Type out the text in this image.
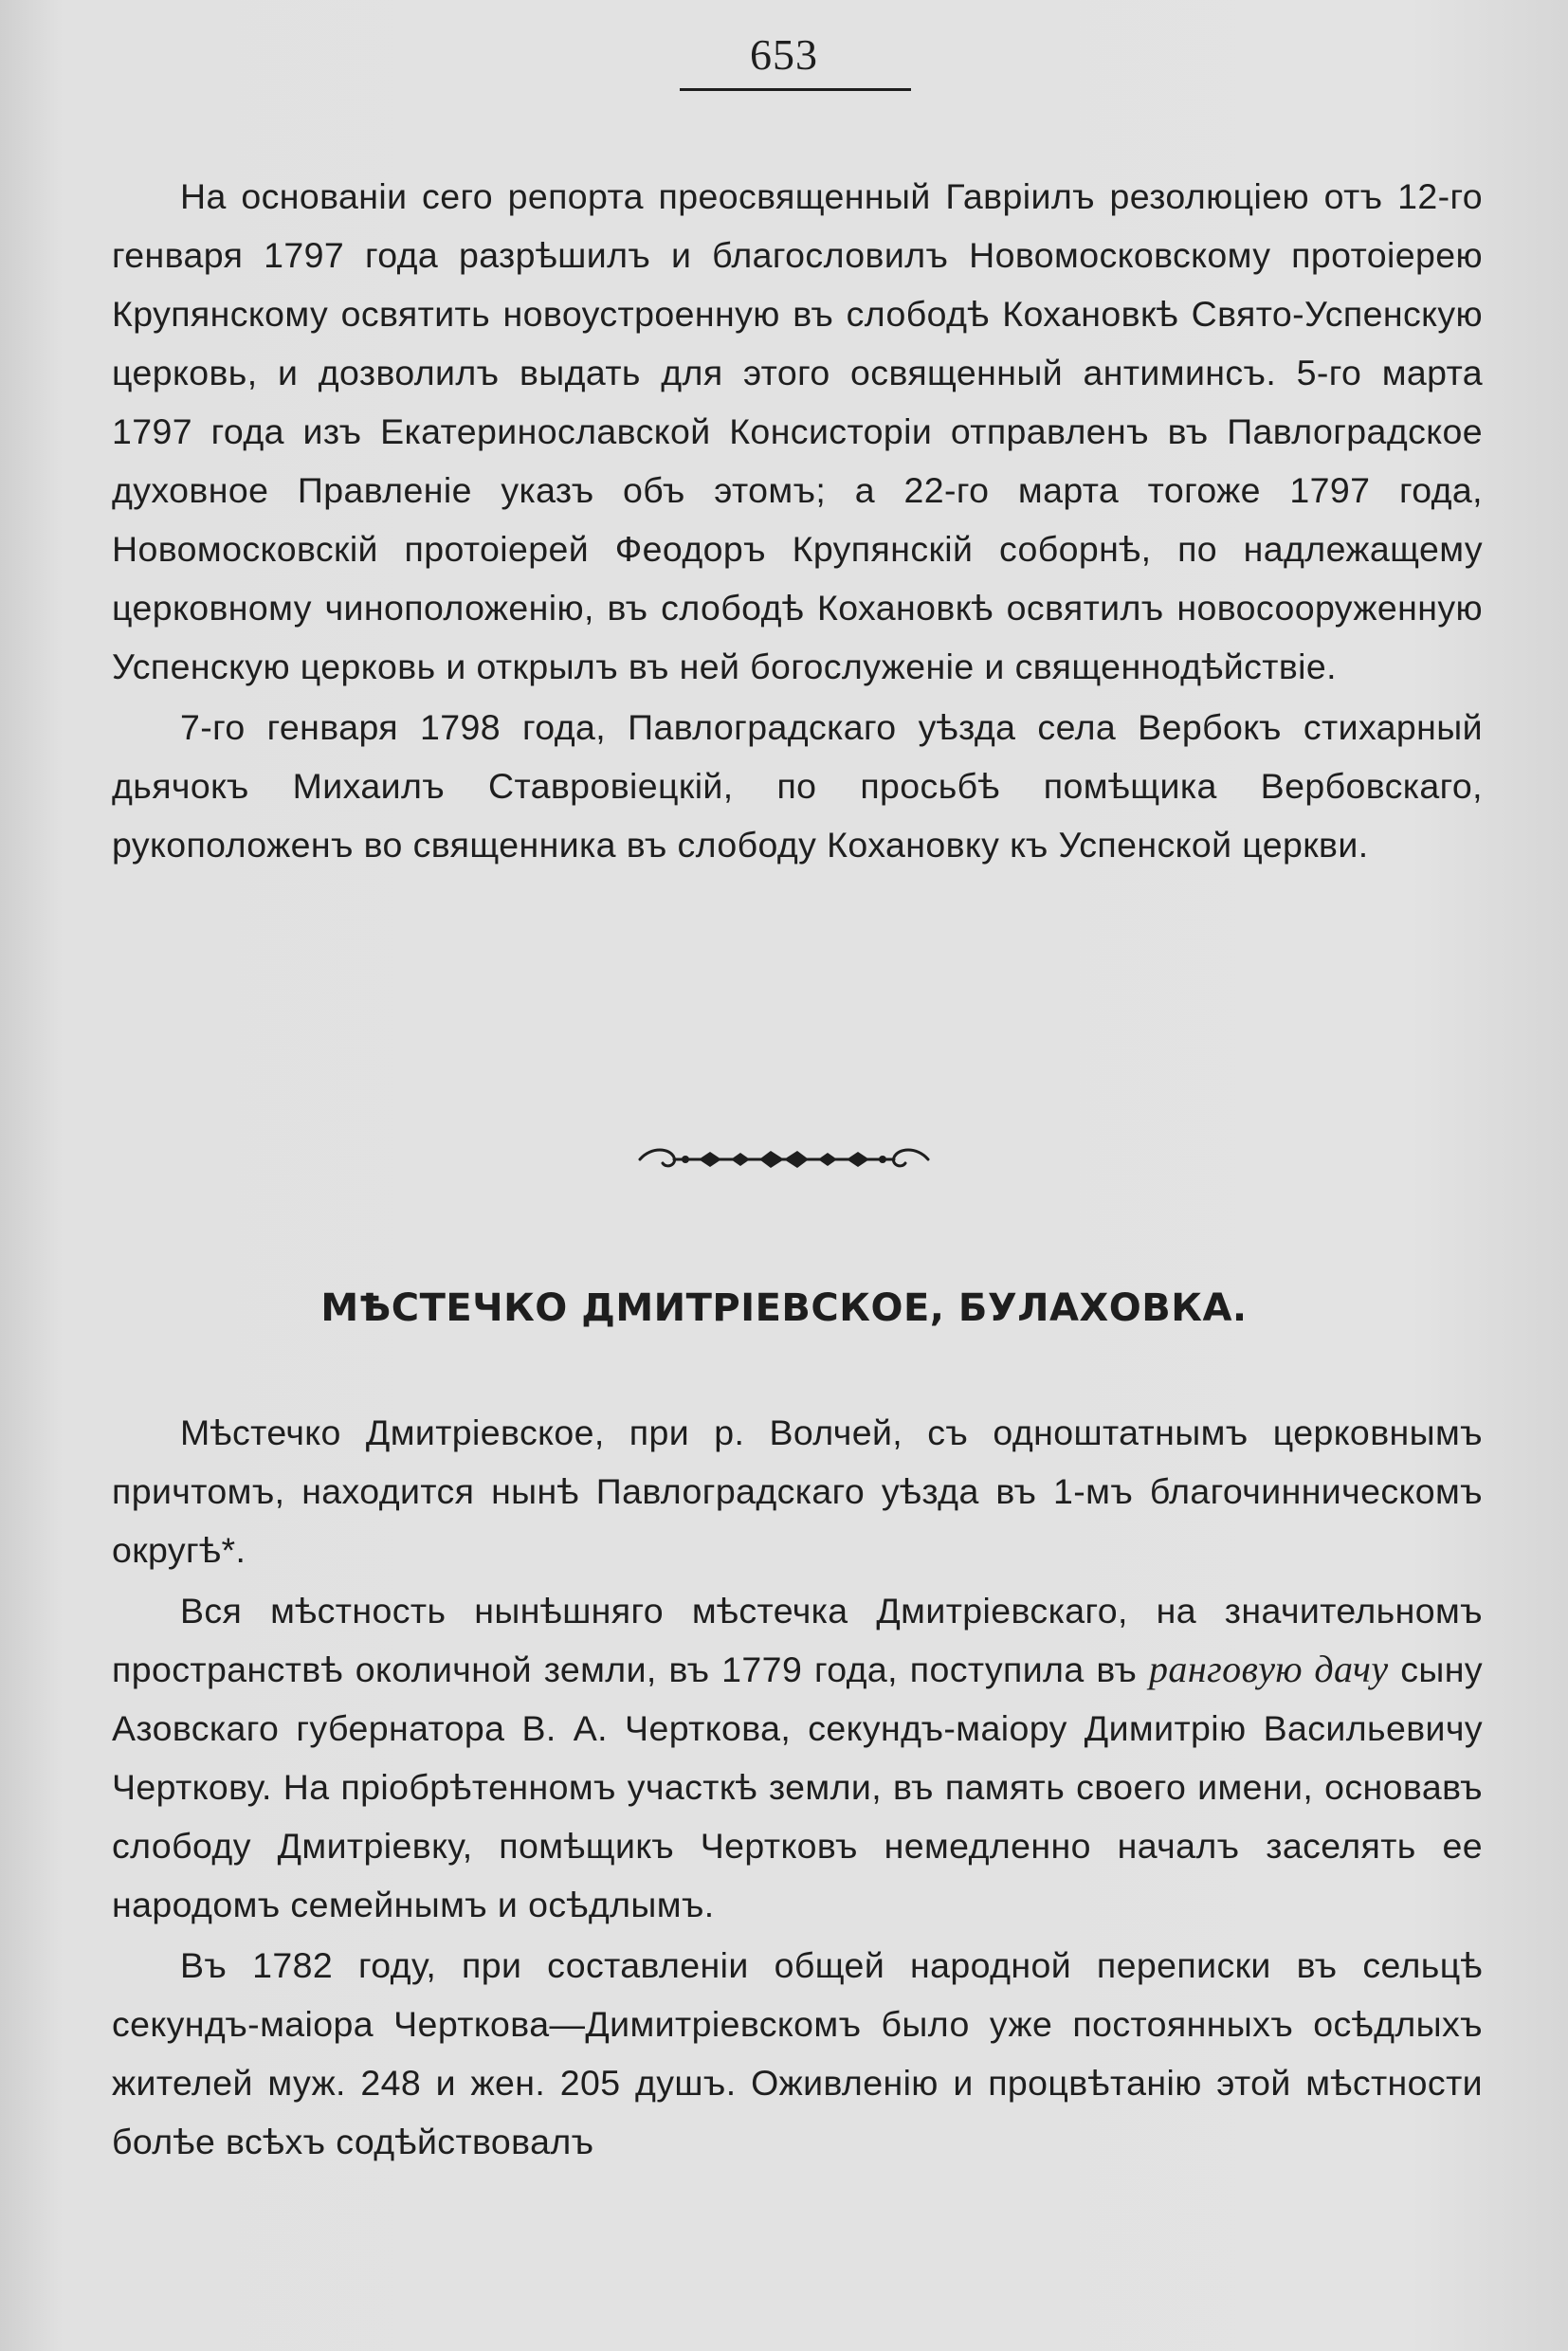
653

На основанiи сего репорта преосвященный Гаврiилъ резолюцiею отъ 12-го генваря 1797 года разрѣшилъ и благословилъ Новомосковскому протоiерею Крупянскому освятить новоустроенную въ слободѣ Кохановкѣ Свято-Успенскую церковь, и дозволилъ выдать для этого освященный антиминсъ. 5-го марта 1797 года изъ Екатеринославской Консисторiи отправленъ въ Павлоградское духовное Правленiе указъ объ этомъ; а 22-го марта тогоже 1797 года, Новомосковскiй протоiерей Феодоръ Крупянскiй соборнѣ, по надлежащему церковному чиноположенiю, въ слободѣ Кохановкѣ освятилъ новосооруженную Успенскую церковь и открылъ въ ней богослуженiе и священнодѣйствiе.

7-го генваря 1798 года, Павлоградскаго уѣзда села Вербокъ стихарный дьячокъ Михаилъ Ставровiецкiй, по просьбѣ помѣщика Вербовскаго, рукоположенъ во священника въ слободу Кохановку къ Успенской церкви.

МѢСТЕЧКО ДМИТРIЕВСКОЕ, БУЛАХОВКА.

Мѣстечко Дмитрiевское, при р. Волчей, съ одноштатнымъ церковнымъ причтомъ, находится нынѣ Павлоградскаго уѣзда въ 1-мъ благочинническомъ округѣ*.

Вся мѣстность нынѣшняго мѣстечка Дмитрiевскаго, на значительномъ пространствѣ околичной земли, въ 1779 года, поступила въ ранговую дачу сыну Азовскаго губернатора В. А. Черткова, секундъ-маiору Димитрiю Васильевичу Черткову. На прiобрѣтенномъ участкѣ земли, въ память своего имени, основавъ слободу Дмитрiевку, помѣщикъ Чертковъ немедленно началъ заселять ее народомъ семейнымъ и осѣдлымъ.

Въ 1782 году, при составленiи общей народной переписки въ сельцѣ секундъ-маiора Черткова—Димитрiевскомъ было уже постоянныхъ осѣдлыхъ жителей муж. 248 и жен. 205 душъ. Оживленiю и процвѣтанiю этой мѣстности болѣе всѣхъ содѣйствовалъ
